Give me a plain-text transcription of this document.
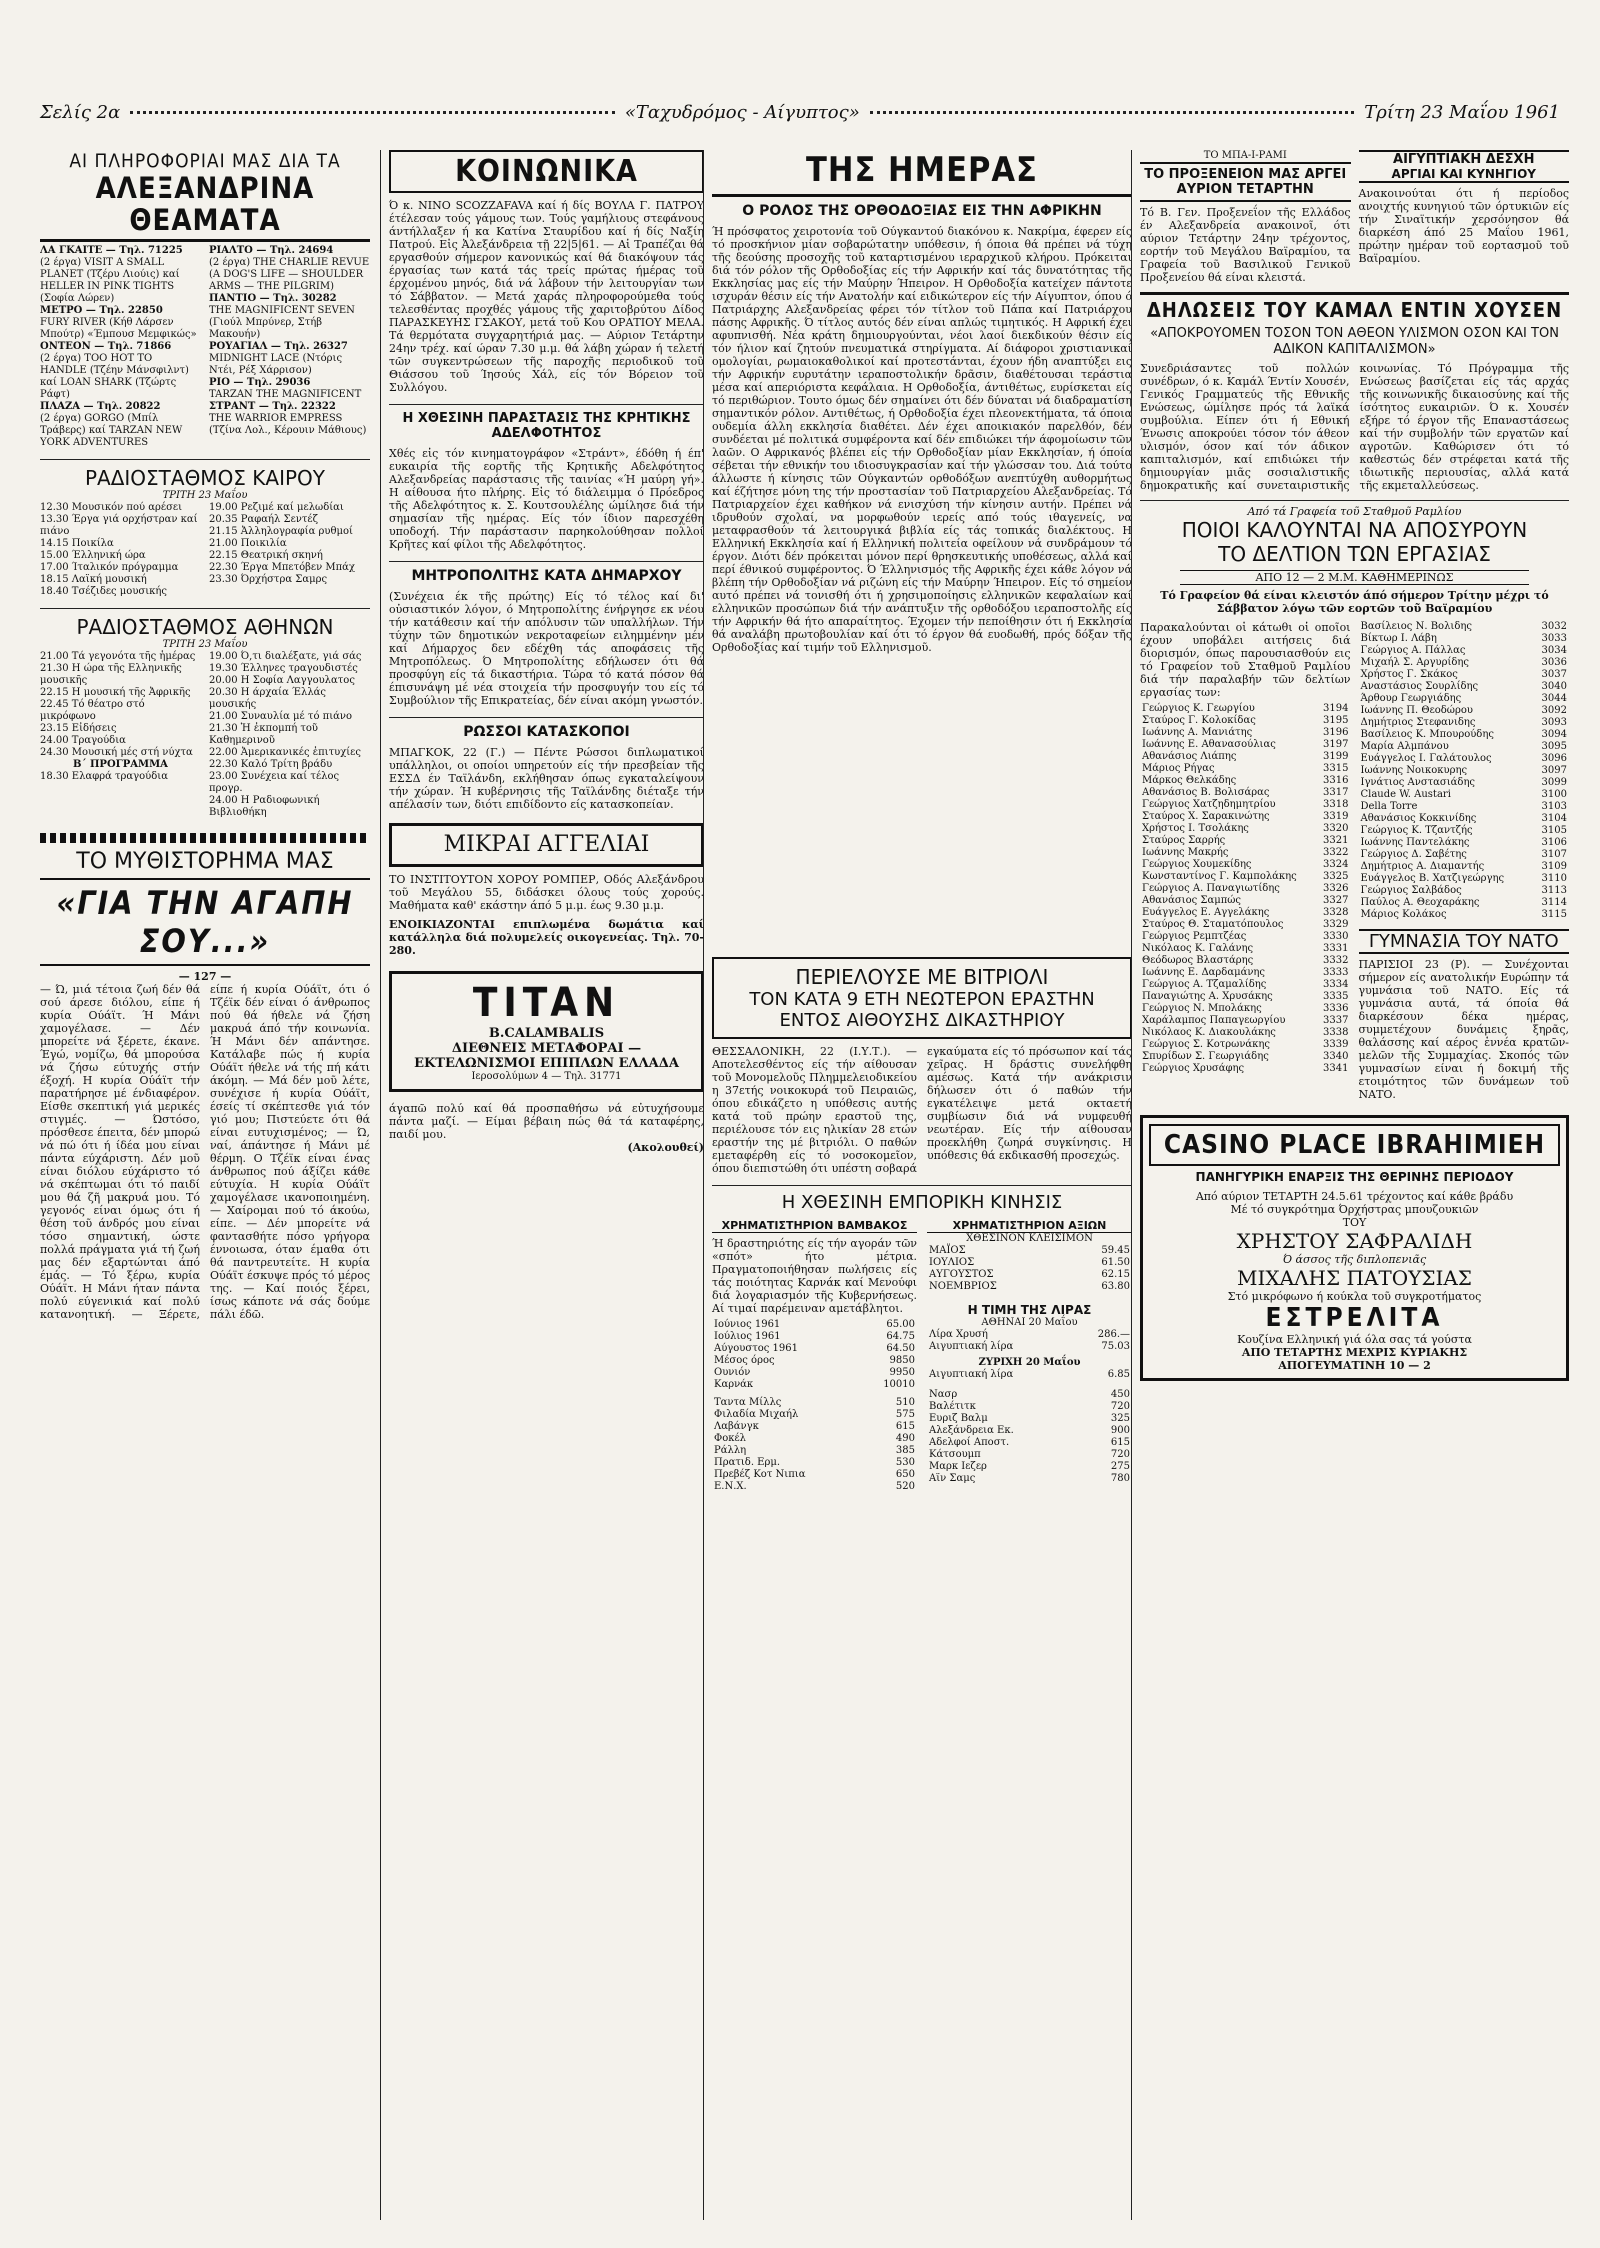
Σελίς 2α	«Ταχυδρόμος - Αίγυπτος»	Τρίτη 23 Μαΐου 1961
ΑΙ ΠΛΗΡΟΦΟΡΙΑΙ ΜΑΣ ΔΙΑ ΤΑ
ΑΛΕΞΑΝΔΡΙΝΑ ΘΕΑΜΑΤΑ
ΛΑ ΓΚΑΙΤΕ — Τηλ. 71225
(2 έργα) VISIT A SMALL PLANET (Τζέρυ Λιούις) καί HELLER IN PINK TIGHTS (Σοφία Λώρεν)
ΜΕΤΡΟ — Τηλ. 22850
FURY RIVER (Κήθ Λάρσεν Μπούτρ) «Έμπουσ Μεμφικώς»
ΟΝΤΕΟΝ — Τηλ. 71866
(2 έργα) TOO HOT TO HANDLE (Τζέην Μάνσφιλντ) καί LOAN SHARK (Τζώρτς Ράφτ)
ΠΛΑΖΑ — Τηλ. 20822
(2 έργα) GORGO (Μπίλ Τράβερς) καί TARZAN NEW YORK ADVENTURES
ΡΙΑΛΤΟ — Τηλ. 24694
(2 έργα) THE CHARLIE REVUE (A DOG'S LIFE — SHOULDER ARMS — THE PILGRIM)
ΠΑΝΤΙΟ — Τηλ. 30282
THE MAGNIFICENT SEVEN (Γιούλ Μπρύνερ, Στήβ Μακουήν)
ΡΟΥΑΓΙΑΛ — Τηλ. 26327
MIDNIGHT LACE (Ντόρις Ντέι, Ρέξ Χάρρισον)
ΡΙΟ — Τηλ. 29036
TARZAN THE MAGNIFICENT
ΣΤΡΑΝΤ — Τηλ. 22322
THE WARRIOR EMPRESS (Τζίνα Λολ., Κέρουιν Μάθιους)
ΡΑΔΙΟΣΤΑΘΜΟΣ ΚΑΙΡΟΥ
ΤΡΙΤΗ 23 Μαΐου
12.30 Μουσικόν πού αρέσει
13.30 Έργα γιά ορχήστραν καί πιάνο
14.15 Ποικίλα
15.00 Έλληνική ώρα
17.00 Ίταλικόν πρόγραμμα
18.15 Λαϊκή μουσική
18.40 Τσέζιδες μουσικής
19.00 Ρεζιμέ καί μελωδίαι
20.35 Ραφαήλ Σεντέζ
21.15 Ἀλληλογραφία ρυθμοί
21.00 Ποικιλία
22.15 Θεατρική σκηνή
22.30 Έργα Μπετόβεν Μπάχ
23.30 Όρχήστρα Σαμρς
ΡΑΔΙΟΣΤΑΘΜΟΣ ΑΘΗΝΩΝ
ΤΡΙΤΗ 23 Μαΐου
21.00 Τά γεγονότα τῆς ἡμέρας
21.30 Η ώρα τῆς Ελληνικῆς μουσικῆς
22.15 Η μουσική τῆς Ἀφρικῆς
22.45 Τό θέατρο στό μικρόφωνο
23.15 Εἰδήσεις
24.00 Τραγούδια
24.30 Μουσική μές στή νύχτα
Β΄ ΠΡΟΓΡΑΜΜΑ
18.30 Ελαφρά τραγούδια
19.00 Ό,τι διαλέξατε, γιά σάς
19.30 Έλληνες τραγουδιστές
20.00 Η Σοφία Λαγγουλατος
20.30 Η άρχαία Έλλάς μουσικής
21.00 Συναυλία μέ τό πιάνο
21.30 Ἡ ἐκπομπή τοῦ Καθημερινοῦ
22.00 Ἀμερικανικές ἐπιτυχίες
22.30 Καλό Τρίτη βράδυ
23.00 Συνέχεια καί τέλος προγρ.
24.00 Η Ραδιοφωνική Βιβλιοθήκη
ΤΟ ΜΥΘΙΣΤΟΡΗΜΑ ΜΑΣ
«ΓΙΑ ΤΗΝ ΑΓΑΠΗ ΣΟΥ...»
— 127 —
— Ώ, μιά τέτοια ζωή δέν θά σού άρεσε διόλου, είπε ή κυρία Ούάϊτ. Ή Μάνι χαμογέλασε. — Δέν μπορείτε νά ξέρετε, έκανε. Έγώ, νομίζω, θά μπορούσα νά ζήσω εύτυχής στήν έξοχή. Η κυρία Ούάϊτ τήν παρατήρησε μέ ένδιαφέρον. Είσθε σκεπτική γιά μερικές στιγμές. — Ώστόσο, πρόσθεσε έπειτα, δέν μπορώ νά πώ ότι ή ίδέα μου είναι πάντα εύχάριστη. Δέν μοῦ είναι διόλου εύχάριστο τό νά σκέπτωμαι ότι τό παιδί μου θά ζῆ μακρυά μου. Τό γεγονός είναι όμως ότι ή θέση τοῦ άνδρός μου είναι τόσο σημαντική, ώστε πολλά πράγματα γιά τή ζωή μας δέν εξαρτώνται άπό έμάς. — Τό ξέρω, κυρία Ούάϊτ. Η Μάνι ήταν πάντα πολύ εύγενικιά καί πολύ κατανοητική. — Ξέρετε, είπε ή κυρία Ούάϊτ, ότι ό Τζέϊκ δέν είναι ό άνθρωπος πού θά ήθελε νά ζήση μακρυά άπό τήν κοινωνία. Ή Μάνι δέν απάντησε. Κατάλαβε πώς ή κυρία Ούάϊτ ήθελε νά τής πή κάτι άκόμη. — Μά δέν μοῦ λέτε, συνέχισε ή κυρία Ούάϊτ, έσείς τί σκέπτεσθε γιά τόν γιό μου; Πιστεύετε ότι θά είναι ευτυχισμένος; — Ώ, ναί, άπάντησε ή Μάνι μέ θέρμη. Ο Τζέϊκ είναι ένας άνθρωπος πού άξίζει κάθε εύτυχία. Η κυρία Ούάϊτ χαμογέλασε ικανοποιημένη. — Χαίρομαι πού τό άκούω, είπε. — Δέν μπορείτε νά φαντασθήτε πόσο γρήγορα έννοιωσα, όταν έμαθα ότι θά παντρευτείτε. Η κυρία Ούάϊτ έσκυψε πρός τό μέρος της. — Καί ποιός ξέρει, ίσως κάποτε νά σάς δούμε πάλι έδῶ.
ΚΟΙΝΩΝΙΚΑ
Ό κ. ΝΙΝΟ SCOZZAFAVA καί ή δίς ΒΟΥΛΑ Γ. ΠΑΤΡΟΥ έτέλεσαν τούς γάμους των. Τούς γαμήλιους στεφάνους άντήλλαξεν ή κα Κατίνα Σταυρίδου καί ή δίς Ναξίη Πατρού. Εἰς Ἀλεξάνδρεια τῇ 22|5|61. — Αἱ Τραπέζαι θά εργασθούν σήμερον κανονικώς καί θά διακόψουν τάς έργασίας των κατά τάς τρείς πρώτας ήμέρας τοῦ έρχομένου μηνός, διά νά λάβουν τήν λειτουργίαν των τό Σάββατον. — Μετά χαράς πληροφορούμεθα τούς τελεσθέντας προχθές γάμους τῆς χαριτοβρύτου Δίδος ΠΑΡΑΣΚΕΥΗΣ ΓΣΑΚΟΥ, μετά τοῦ Κου ΟΡΑΤΙΟΥ ΜΕΛΑ. Τά θερμότατα συγχαρητήριά μας. — Αύριον Τετάρτην 24ην τρέχ. καί ώραν 7.30 μ.μ. θά λάβη χώραν ή τελετή τῶν συγκεντρώσεων τῆς παροχῆς περιοδικοῦ τοῦ Θιάσσου τοῦ Ίησούς Χάλ, είς τόν Βόρειον τοῦ Συλλόγου.
Η ΧΘΕΣΙΝΗ ΠΑΡΑΣΤΑΣΙΣ ΤΗΣ ΚΡΗΤΙΚΗΣ ΑΔΕΛΦΟΤΗΤΟΣ
Χθές εἰς τόν κινηματογράφον «Στράντ», έδόθη ή έπ' ευκαιρία τῆς εορτῆς τῆς Κρητικῆς Αδελφότητος Αλεξανδρείας παράστασις τῆς ταινίας «Ή μαύρη γή». Η αίθουσα ήτο πλήρης. Εἰς τό διάλειμμα ό Πρόεδρος τῆς Αδελφότητος κ. Σ. Κουτσουλέλης ώμίλησε διά τήν σημασίαν τῆς ημέρας. Είς τόν ίδιον παρεσχέθη υποδοχή. Τήν παράστασιν παρηκολούθησαν πολλοί Κρῆτες καί φίλοι τῆς Αδελφότητος.
ΜΗΤΡΟΠΟΛΙΤΗΣ ΚΑΤΑ ΔΗΜΑΡΧΟΥ
(Συνέχεια έκ τῆς πρώτης) Είς τό τέλος καί δι' οὐσιαστικόν λόγον, ό Μητροπολίτης ένήργησε εκ νέου τήν κατάθεσιν καί τήν απόλυσιν τῶν υπαλλήλων. Τήν τύχην τῶν δημοτικών νεκροταφείων ειλημμένην μέν καί Δήμαρχος δεν εδέχθη τάς αποφάσεις τῆς Μητροπόλεως. Ό Μητροπολίτης εδήλωσεν ότι θά προσφύγη είς τά δικαστήρια. Τώρα τό κατά πόσον θά έπισυνάψη μέ νέα στοιχεία τήν προσφυγήν του είς τό Συμβούλιον τῆς Επικρατείας, δέν είναι ακόμη γνωστόν.
ΡΩΣΣΟΙ ΚΑΤΑΣΚΟΠΟΙ
ΜΠΑΓΚΟΚ, 22 (Γ.) — Πέντε Ρώσσοι διπλωματικοί υπάλληλοι, οι οποίοι υπηρετούν είς τήν πρεσβείαν τῆς ΕΣΣΔ έν Ταϊλάνδη, εκλήθησαν όπως εγκαταλείψουν τήν χώραν. Ή κυβέρνησις τῆς Ταϊλάνδης διέταξε τήν απέλασίν των, διότι επιδίδοντο είς κατασκοπείαν.
ΜΙΚΡΑΙ ΑΓΓΕΛΙΑΙ
ΤΟ ΙΝΣΤΙΤΟΥΤΟΝ ΧΟΡΟΥ ΡΟΜΠΕΡ, Οδός Αλεξάνδρου τοῦ Μεγάλου 55, διδάσκει όλους τούς χορούς. Μαθήματα καθ' εκάστην άπό 5 μ.μ. έως 9.30 μ.μ.
ΕΝΟΙΚΙΑΖΟΝΤΑΙ επιπλωμένα δωμάτια καί κατάλληλα διά πολυμελείς οικογενείας. Τηλ. 70-280.
TITAN
B.CALAMBALIS
ΔΙΕΘΝΕΙΣ ΜΕΤΑΦΟΡΑΙ — ΕΚΤΕΛΩΝΙΣΜΟΙ ΕΠΙΠΛΩΝ ΕΛΛΑΔΑ
Ιεροσολύμων 4 — Τηλ. 31771
άγαπῶ πολύ καί θά προσπαθήσω νά εὐτυχήσουμε πάντα μαζί. — Είμαι βέβαιη πώς θά τά καταφέρης, παιδί μου.
(Ακολουθεί)
ΤΗΣ ΗΜΕΡΑΣ
Ο ΡΟΛΟΣ ΤΗΣ ΟΡΘΟΔΟΞΙΑΣ ΕΙΣ ΤΗΝ ΑΦΡΙΚΗΝ
Ή πρόσφατος χειροτονία τοῦ Ούγκαντού διακόνου κ. Νακρίμα, έφερεν είς τό προσκήνιον μίαν σοβαρώτατην υπόθεσιν, ή όποια θά πρέπει νά τύχη τῆς δεούσης προσοχῆς τοῦ καταρτισμένου ιεραρχικοῦ κλήρου. Πρόκειται διά τόν ρόλον τῆς Ορθοδοξίας είς τήν Αφρικήν καί τάς δυνατότητας τῆς Εκκλησίας μας είς τήν Μαύρην Ήπειρον. Η Ορθοδοξία κατείχεν πάντοτε ισχυράν θέσιν είς τήν Ανατολήν καί ειδικώτερον είς τήν Αίγυπτον, όπου ό Πατριάρχης Αλεξανδρείας φέρει τόν τίτλον τοῦ Πάπα καί Πατριάρχου πάσης Αφρικῆς. Ό τίτλος αυτός δέν είναι απλώς τιμητικός. Η Αφρική έχει αφυπνισθή. Νέα κράτη δημιουργούνται, νέοι λαοί διεκδικούν θέσιν είς τόν ήλιον καί ζητούν πνευματικά στηρίγματα. Αί διάφοροι χριστιανικαί ομολογίαι, ρωμαιοκαθολικοί καί προτεστάνται, έχουν ήδη αναπτύξει εις τήν Αφρικήν ευρυτάτην ιεραποστολικήν δρᾶσιν, διαθέτουσαι τεράστια μέσα καί απεριόριστα κεφάλαια. Η Ορθοδοξία, άντιθέτως, ευρίσκεται είς τό περιθώριον. Τουτο όμως δέν σημαίνει ότι δέν δύναται νά διαδραματίση σημαντικόν ρόλον. Αντιθέτως, ή Ορθοδοξία έχει πλεονεκτήματα, τά όποια ουδεμία άλλη εκκλησία διαθέτει. Δέν έχει αποικιακόν παρελθόν, δέν συνδέεται μέ πολιτικά συμφέροντα καί δέν επιδιώκει τήν άφομοίωσιν τῶν λαῶν. Ο Αφρικανός βλέπει είς τήν Ορθοδοξίαν μίαν Εκκλησίαν, ή όποία σέβεται τήν εθνικήν του ιδιοσυγκρασίαν καί τήν γλώσσαν του. Διά τούτο άλλωστε ή κίνησις τῶν Ούγκαντών ορθοδόξων ανεπτύχθη αυθορμήτως καί έζήτησε μόνη της τήν προστασίαν τοῦ Πατριαρχείου Αλεξανδρείας. Τό Πατριαρχείον έχει καθήκον νά ενισχύση τήν κίνησιν αυτήν. Πρέπει νά ιδρυθούν σχολαί, να μορφωθούν ιερείς από τούς ιθαγενείς, να μεταφρασθούν τά λειτουργικά βιβλία είς τάς τοπικάς διαλέκτους. Η Ελληνική Εκκλησία καί ή Ελληνική πολιτεία οφείλουν νά συνδράμουν τό έργον. Διότι δέν πρόκειται μόνον περί θρησκευτικής υποθέσεως, αλλά καί περί έθνικού συμφέροντος. Ό Έλληνισμός τῆς Αφρικῆς έχει κάθε λόγον νά βλέπη τήν Ορθοδοξίαν νά ριζώνη είς τήν Μαύρην Ήπειρον. Είς τό σημείον αυτό πρέπει νά τονισθή ότι ή χρησιμοποίησις ελληνικῶν κεφαλαίων καί ελληνικῶν προσώπων διά τήν ανάπτυξιν τῆς ορθοδόξου ιεραποστολῆς είς τήν Αφρικήν θά ήτο απαραίτητος. Έχομεν τήν πεποίθησιν ότι ή Εκκλησία θά αναλάβη πρωτοβουλίαν καί ότι τό έργον θά ευοδωθή, πρός δόξαν τῆς Ορθοδοξίας καί τιμήν τοῦ Ελληνισμοῦ.
ΠΕΡΙΕΛΟΥΣΕ ΜΕ ΒΙΤΡΙΟΛΙ
ΤΟΝ ΚΑΤΑ 9 ΕΤΗ ΝΕΩΤΕΡΟΝ ΕΡΑΣΤΗΝ
ΕΝΤΟΣ ΑΙΘΟΥΣΗΣ ΔΙΚΑΣΤΗΡΙΟΥ
ΘΕΣΣΑΛΟΝΙΚΗ, 22 (Ι.Υ.Τ.). — Αποτελεσθέντος είς τήν αίθουσαν τοῦ Μονομελοῦς Πλημμελειοδικείου η 37ετής νοικοκυρά τοῦ Πειραιῶς, όπου εδικάζετο η υπόθεσις αυτής κατά τοῦ πρώην εραστοῦ της, περιέλουσε τόν εις ηλικίαν 28 ετών εραστήν της μέ βιτριόλι. Ο παθών εμεταφέρθη είς τό νοσοκομεῖον, όπου διεπιστώθη ότι υπέστη σοβαρά εγκαύματα είς τό πρόσωπον καί τάς χεῖρας. Η δράστις συνελήφθη αμέσως. Κατά τήν ανάκρισιν δήλωσεν ότι ό παθών τήν εγκατέλειψε μετά οκταετή συμβίωσιν διά νά νυμφευθή νεωτέραν. Είς τήν αίθουσαν προεκλήθη ζωηρά συγκίνησις. Η υπόθεσις θά εκδικασθή προσεχώς.
Η ΧΘΕΣΙΝΗ ΕΜΠΟΡΙΚΗ ΚΙΝΗΣΙΣ
ΧΡΗΜΑΤΙΣΤΗΡΙΟΝ ΒΑΜΒΑΚΟΣ
Ή δραστηριότης είς τήν αγοράν τῶν «σπότ» ήτο μέτρια. Πραγματοποιήθησαν πωλήσεις είς τάς ποιότητας Καρνάκ καί Μενούφι διά λογαριασμόν τῆς Κυβερνήσεως. Αί τιμαί παρέμειναν αμετάβλητοι.
Ιούνιος 1961	65.00
Ιούλιος 1961	64.75
Αύγουστος 1961	64.50
Μέσος όρος	9850
Ουνιόν	9950
Καρνάκ	10010
Ταντα Μίλλς	510
Φιλαδία Μιχαήλ	575
Λαβάνγκ	615
Φοκέλ	490
Ράλλη	385
Πρατιδ. Ερμ.	530
Πρεβέζ Κοτ Νιπια	650
Ε.Ν.Χ.	520
ΧΡΗΜΑΤΙΣΤΗΡΙΟΝ ΑΞΙΩΝ
ΧΘΕΣΙΝΟΝ ΚΛΕΙΣΙΜΟΝ
ΜΑΪΟΣ	59.45
ΙΟΥΛΙΟΣ	61.50
ΑΥΓΟΥΣΤΟΣ	62.15
ΝΟΕΜΒΡΙΟΣ	63.80
Η ΤΙΜΗ ΤΗΣ ΛΙΡΑΣ
ΑΘΗΝΑΙ 20 Μαΐου
Λίρα Χρυσή	286.—
Αιγυπτιακή λίρα	75.03
ΖΥΡΙΧΗ 20 Μαΐου
Αιγυπτιακή λίρα	6.85
Νασρ	450
Βαλέτιτκ	720
Ευριζ Βαλμ	325
Αλεξάνδρεια Εκ.	900
Αδελφοί Αποστ.	615
Κάτσουμπ	720
Μαρκ Ιεζερ	275
Αϊν Σαμς	780
ΤΟ ΜΠΑ-Ι-ΡΑΜΙ
ΤΟ ΠΡΟΞΕΝΕΙΟΝ ΜΑΣ ΑΡΓΕΙ ΑΥΡΙΟΝ ΤΕΤΑΡΤΗΝ
Τό Β. Γεν. Προξενεΐον τῆς Ελλάδος έν Αλεξανδρεία ανακοινοῖ, ότι αύριον Τετάρτην 24ην τρέχοντος, εορτήν τοῦ Μεγάλου Βαϊραμίου, τα Γραφεία τοῦ Βασιλικοῦ Γενικοῦ Προξενείου θά είναι κλειστά.
ΑΙΓΥΠΤΙΑΚΗ ΔΕΣΧΗ
ΑΡΓΙΑΙ ΚΑΙ ΚΥΝΗΓΙΟΥ
Ανακοινούται ότι ή περίοδος ανοιχτής κυνηγιού τῶν όρτυκιῶν είς τήν Σιναϊτικήν χερσόνησον θά διαρκέση άπό 25 Μαΐου 1961, πρώτην ημέραν τοῦ εορτασμοῦ τοῦ Βαϊραμίου.
ΔΗΛΩΣΕΙΣ ΤΟΥ ΚΑΜΑΛ ΕΝΤΙΝ ΧΟΥΣΕΝ
«ΑΠΟΚΡΟΥΟΜΕΝ ΤΟΣΟΝ ΤΟΝ ΑΘΕΟΝ ΥΛΙΣΜΟΝ ΟΣΟΝ ΚΑΙ ΤΟΝ ΑΔΙΚΟΝ ΚΑΠΙΤΑΛΙΣΜΟΝ»
Συνεδριάσαντες τοῦ πολλών συνέδρων, ό κ. Καμάλ Έντίν Χουσέν, Γενικός Γραμματεύς τῆς Εθνικῆς Ενώσεως, ώμίλησε πρός τά λαϊκά συμβούλια. Είπεν ότι ή Εθνική Ένωσις αποκρούει τόσον τόν άθεον υλισμόν, όσον καί τόν άδικον καπιταλισμόν, καί επιδιώκει τήν δημιουργίαν μιᾶς σοσιαλιστικῆς δημοκρατικῆς καί συνεταιριστικῆς κοινωνίας. Τό Πρόγραμμα τῆς Ενώσεως βασίζεται είς τάς αρχάς τῆς κοινωνικῆς δικαιοσύνης καί τῆς ίσότητος ευκαιριῶν. Ό κ. Χουσέν εξήρε τό έργον τῆς Επαναστάσεως καί τήν συμβολήν τῶν εργατῶν καί αγροτῶν. Καθώρισεν ότι τό καθεστώς δέν στρέφεται κατά τῆς ιδιωτικῆς περιουσίας, αλλά κατά τῆς εκμεταλλεύσεως.
Από τά Γραφεία τοῦ Σταθμοῦ Ραμλίου
ΠΟΙΟΙ ΚΑΛΟΥΝΤΑΙ ΝΑ ΑΠΟΣΥΡΟΥΝ
ΤΟ ΔΕΛΤΙΟΝ ΤΩΝ ΕΡΓΑΣΙΑΣ
ΑΠΟ 12 — 2 Μ.Μ. ΚΑΘΗΜΕΡΙΝΩΣ
Τό Γραφείον θά είναι κλειστόν άπό σήμερον Τρίτην μέχρι τό Σάββατον λόγω τῶν εορτῶν τοῦ Βαϊραμίου
Παρακαλούνται οἱ κάτωθι οἱ οποῖοι έχουν υποβάλει αιτήσεις διά διορισμόν, όπως παρουσιασθούν εις τό Γραφείον τοῦ Σταθμοῦ Ραμλίου διά τήν παραλαβήν τῶν δελτίων εργασίας των:
Γεώργιος Κ. Γεωργίου	3194
Σταύρος Γ. Κολοκίδας	3195
Ιωάννης Α. Μανιάτης	3196
Ιωάννης Ε. Αθανασούλιας	3197
Αθανάσιος Λιάπης	3199
Μάριος Ρήγας	3315
Μάρκος Θελκάδης	3316
Αθανάσιος Β. Βολισάρας	3317
Γεώργιος Χατζηδημητρίου	3318
Σταύρος Χ. Σαρακινώτης	3319
Χρήστος Ι. Τσολάκης	3320
Σταύρος Σαρρής	3321
Ιωάννης Μακρής	3322
Γεώργιος Χουμεκίδης	3324
Κωνσταντίνος Γ. Καμπολάκης	3325
Γεώργιος Α. Παναγιωτίδης	3326
Αθανάσιος Σαμπώς	3327
Ευάγγελος Ε. Αγγελάκης	3328
Σταύρος Θ. Σταματόπουλος	3329
Γεώργιος Ρεμπτζέας	3330
Νικόλαος Κ. Γαλάνης	3331
Θεόδωρος Βλαστάρης	3332
Ιωάννης Ε. Δαρδαμάνης	3333
Γεώργιος Α. Τζαμαλίδης	3334
Παναγιώτης Α. Χρυσάκης	3335
Γεώργιος Ν. Μπολάκης	3336
Χαράλαμπος Παπαγεωργίου	3337
Νικόλαος Κ. Διακουλάκης	3338
Γεώργιος Σ. Κοτρωνάκης	3339
Σπυρίδων Σ. Γεωργιάδης	3340
Γεώργιος Χρυσάφης	3341
Βασίλειος Ν. Βολιδης	3032
Βίκτωρ Ι. Λάβη	3033
Γεώργιος Α. Πάλλας	3034
Μιχαήλ Σ. Αργυρίδης	3036
Χρήστος Γ. Σκάκος	3037
Αναστάσιος Σουρλίδης	3040
Άρθουρ Γεωργιάδης	3044
Ιωάννης Π. Θεοδώρου	3092
Δημήτριος Στεφανιδης	3093
Βασίλειος Κ. Μπουρούδης	3094
Μαρία Αλμπάνου	3095
Ευάγγελος Ι. Γαλάτουλος	3096
Ιωάννης Νοικοκυρης	3097
Ιγνάτιος Ανστασιάδης	3099
Claude W. Austari	3100
Della Torre	3103
Αθανάσιος Κοκκινίδης	3104
Γεώργιος Κ. Τζαντζής	3105
Ιωάννης Παντελάκης	3106
Γεώργιος Δ. Σαβέτης	3107
Δημήτριος Α. Διαμαντής	3109
Ευάγγελος Β. Χατζιγεώργης	3110
Γεώργιος Σαλβάδος	3113
Παύλος Α. Θεοχαράκης	3114
Μάριος Κολάκος	3115
ΓΥΜΝΑΣΙΑ ΤΟΥ ΝΑΤΟ
ΠΑΡΙΣΙΟΙ 23 (Ρ). — Συνέχονται σήμερον είς ανατολικήν Ευρώπην τά γυμνάσια τοῦ ΝΑΤΟ. Είς τά γυμνάσια αυτά, τά όποία θά διαρκέσουν δέκα ημέρας, συμμετέχουν δυνάμεις ξηρᾶς, θαλάσσης καί αέρος ἑννέα κρατῶν-μελῶν τῆς Συμμαχίας. Σκοπός τῶν γυμνασίων είναι ή δοκιμή τῆς ετοιμότητος τῶν δυνάμεων τοῦ ΝΑΤΟ.
CASINO PLACE IBRAHIMIEH
ΠΑΝΗΓΥΡΙΚΗ ΕΝΑΡΞΙΣ ΤΗΣ ΘΕΡΙΝΗΣ ΠΕΡΙΟΔΟΥ
Από αύριον ΤΕΤΑΡΤΗ 24.5.61 τρέχοντος καί κάθε βράδυ
Μέ τό συγκρότημα Όρχήστρας μπουζουκιῶν
ΤΟΥ
ΧΡΗΣΤΟΥ ΣΑΦΡΑΛΙΔΗ
Ό άσσος τῆς διπλοπενιᾶς
ΜΙΧΑΛΗΣ ΠΑΤΟΥΣΙΑΣ
Στό μικρόφωνο ή κούκλα τοῦ συγκροτήματος
ΕΣΤΡΕΛΙΤΑ
Κουζίνα Ελληνική γιά όλα σας τά γούστα
ΑΠΟ ΤΕΤΑΡΤΗΣ ΜΕΧΡΙΣ ΚΥΡΙΑΚΗΣ
ΑΠΟΓΕΥΜΑΤΙΝΗ 10 — 2
